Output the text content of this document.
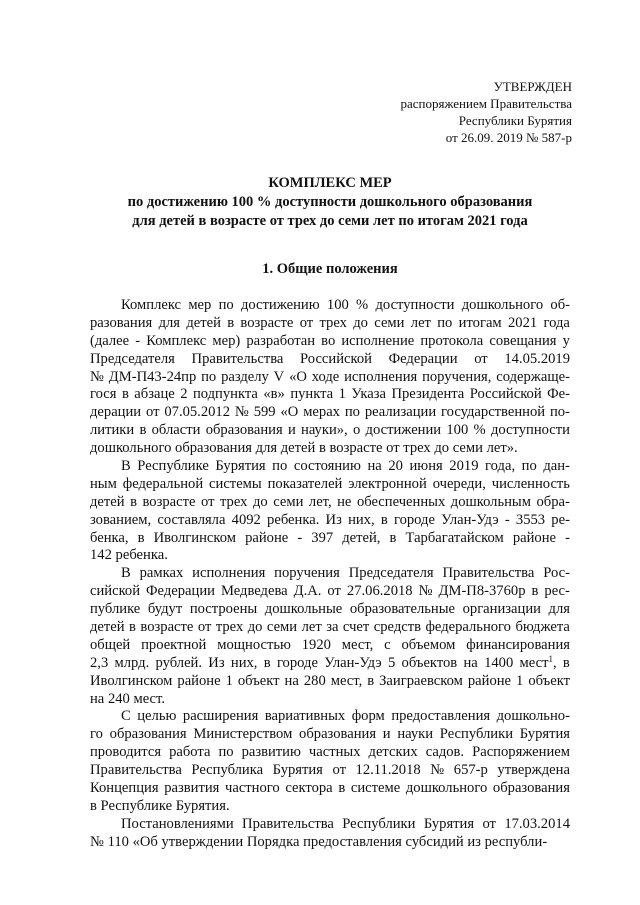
УТВЕРЖДЕН
распоряжением Правительства
Республики Бурятия
от 26.09. 2019 № 587-р
КОМПЛЕКС МЕР
по достижению 100 % доступности дошкольного образования
для детей в возрасте от трех до семи лет по итогам 2021 года
1. Общие положения
Комплекс мер по достижению 100 % доступности дошкольного об-
разования для детей в возрасте от трех до семи лет по итогам 2021 года
(далее - Комплекс мер) разработан во исполнение протокола совещания у
Председателя Правительства Российской Федерации от 14.05.2019
№ ДМ-П43-24пр по разделу V «О ходе исполнения поручения, содержаще-
гося в абзаце 2 подпункта «в» пункта 1 Указа Президента Российской Фе-
дерации от 07.05.2012 № 599 «О мерах по реализации государственной по-
литики в области образования и науки», о достижении 100 % доступности
дошкольного образования для детей в возрасте от трех до семи лет».
В Республике Бурятия по состоянию на 20 июня 2019 года, по дан-
ным федеральной системы показателей электронной очереди, численность
детей в возрасте от трех до семи лет, не обеспеченных дошкольным обра-
зованием, составляла 4092 ребенка. Из них, в городе Улан-Удэ - 3553 ре-
бенка, в Иволгинском районе - 397 детей, в Тарбагатайском районе -
142 ребенка.
В рамках исполнения поручения Председателя Правительства Рос-
сийской Федерации Медведева Д.А. от 27.06.2018 № ДМ-П8-3760р в рес-
публике будут построены дошкольные образовательные организации для
детей в возрасте от трех до семи лет за счет средств федерального бюджета
общей проектной мощностью 1920 мест, с объемом финансирования
2,3 млрд. рублей. Из них, в городе Улан-Удэ 5 объектов на 1400 мест$^1$, в
Иволгинском районе 1 объект на 280 мест, в Заиграевском районе 1 объект
на 240 мест.
С целью расширения вариативных форм предоставления дошкольно-
го образования Министерством образования и науки Республики Бурятия
проводится работа по развитию частных детских садов. Распоряжением
Правительства Республика Бурятия от 12.11.2018 № 657-р утверждена
Концепция развития частного сектора в системе дошкольного образования
в Республике Бурятия.
Постановлениями Правительства Республики Бурятия от 17.03.2014
№ 110 «Об утверждении Порядка предоставления субсидий из республи-
